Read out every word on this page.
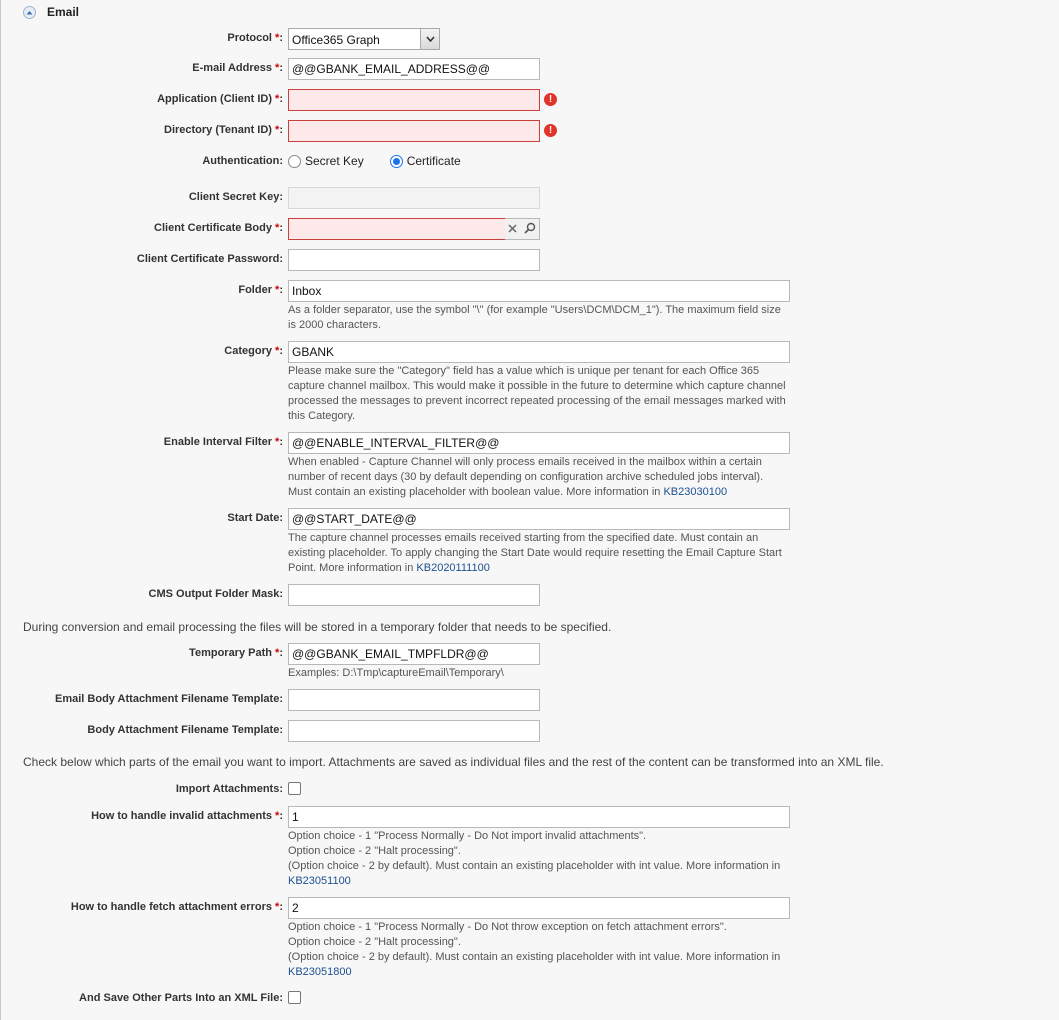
Email
Protocol *: Office365 Graph
E-mail Address *:
@@GBANK_EMAIL_ADDRESS@@
Application (Client ID) *:	!
Directory (Tenant ID) *:	!
Authentication: Secret Key	Certificate
Client Secret Key:
Client Certificate Body *:
Client Certificate Password:
Folder *:
Inbox
As a folder separator, use the symbol "\" (for example "Users\DCM\DCM_1"). The maximum field size is 2000 characters.
Category *:
GBANK
Please make sure the "Category" field has a value which is unique per tenant for each Office 365 capture channel mailbox. This would make it possible in the future to determine which capture channel processed the messages to prevent incorrect repeated processing of the email messages marked with this Category.
Enable Interval Filter *:
@@ENABLE_INTERVAL_FILTER@@
When enabled - Capture Channel will only process emails received in the mailbox within a certain number of recent days (30 by default depending on configuration archive scheduled jobs interval). Must contain an existing placeholder with boolean value. More information in KB23030100
Start Date:
@@START_DATE@@
The capture channel processes emails received starting from the specified date. Must contain an existing placeholder. To apply changing the Start Date would require resetting the Email Capture Start Point. More information in KB2020111100
CMS Output Folder Mask:
During conversion and email processing the files will be stored in a temporary folder that needs to be specified.
Temporary Path *:
@@GBANK_EMAIL_TMPFLDR@@
Examples: D:\Tmp\captureEmail\Temporary\
Email Body Attachment Filename Template:
Body Attachment Filename Template:
Check below which parts of the email you want to import. Attachments are saved as individual files and the rest of the content can be transformed into an XML file.
Import Attachments:
How to handle invalid attachments *:
1
Option choice - 1 "Process Normally - Do Not import invalid attachments".
Option choice - 2 "Halt processing".
(Option choice - 2 by default). Must contain an existing placeholder with int value. More information in KB23051100
How to handle fetch attachment errors *:
2
Option choice - 1 "Process Normally - Do Not throw exception on fetch attachment errors".
Option choice - 2 "Halt processing".
(Option choice - 2 by default). Must contain an existing placeholder with int value. More information in KB23051800
And Save Other Parts Into an XML File:
